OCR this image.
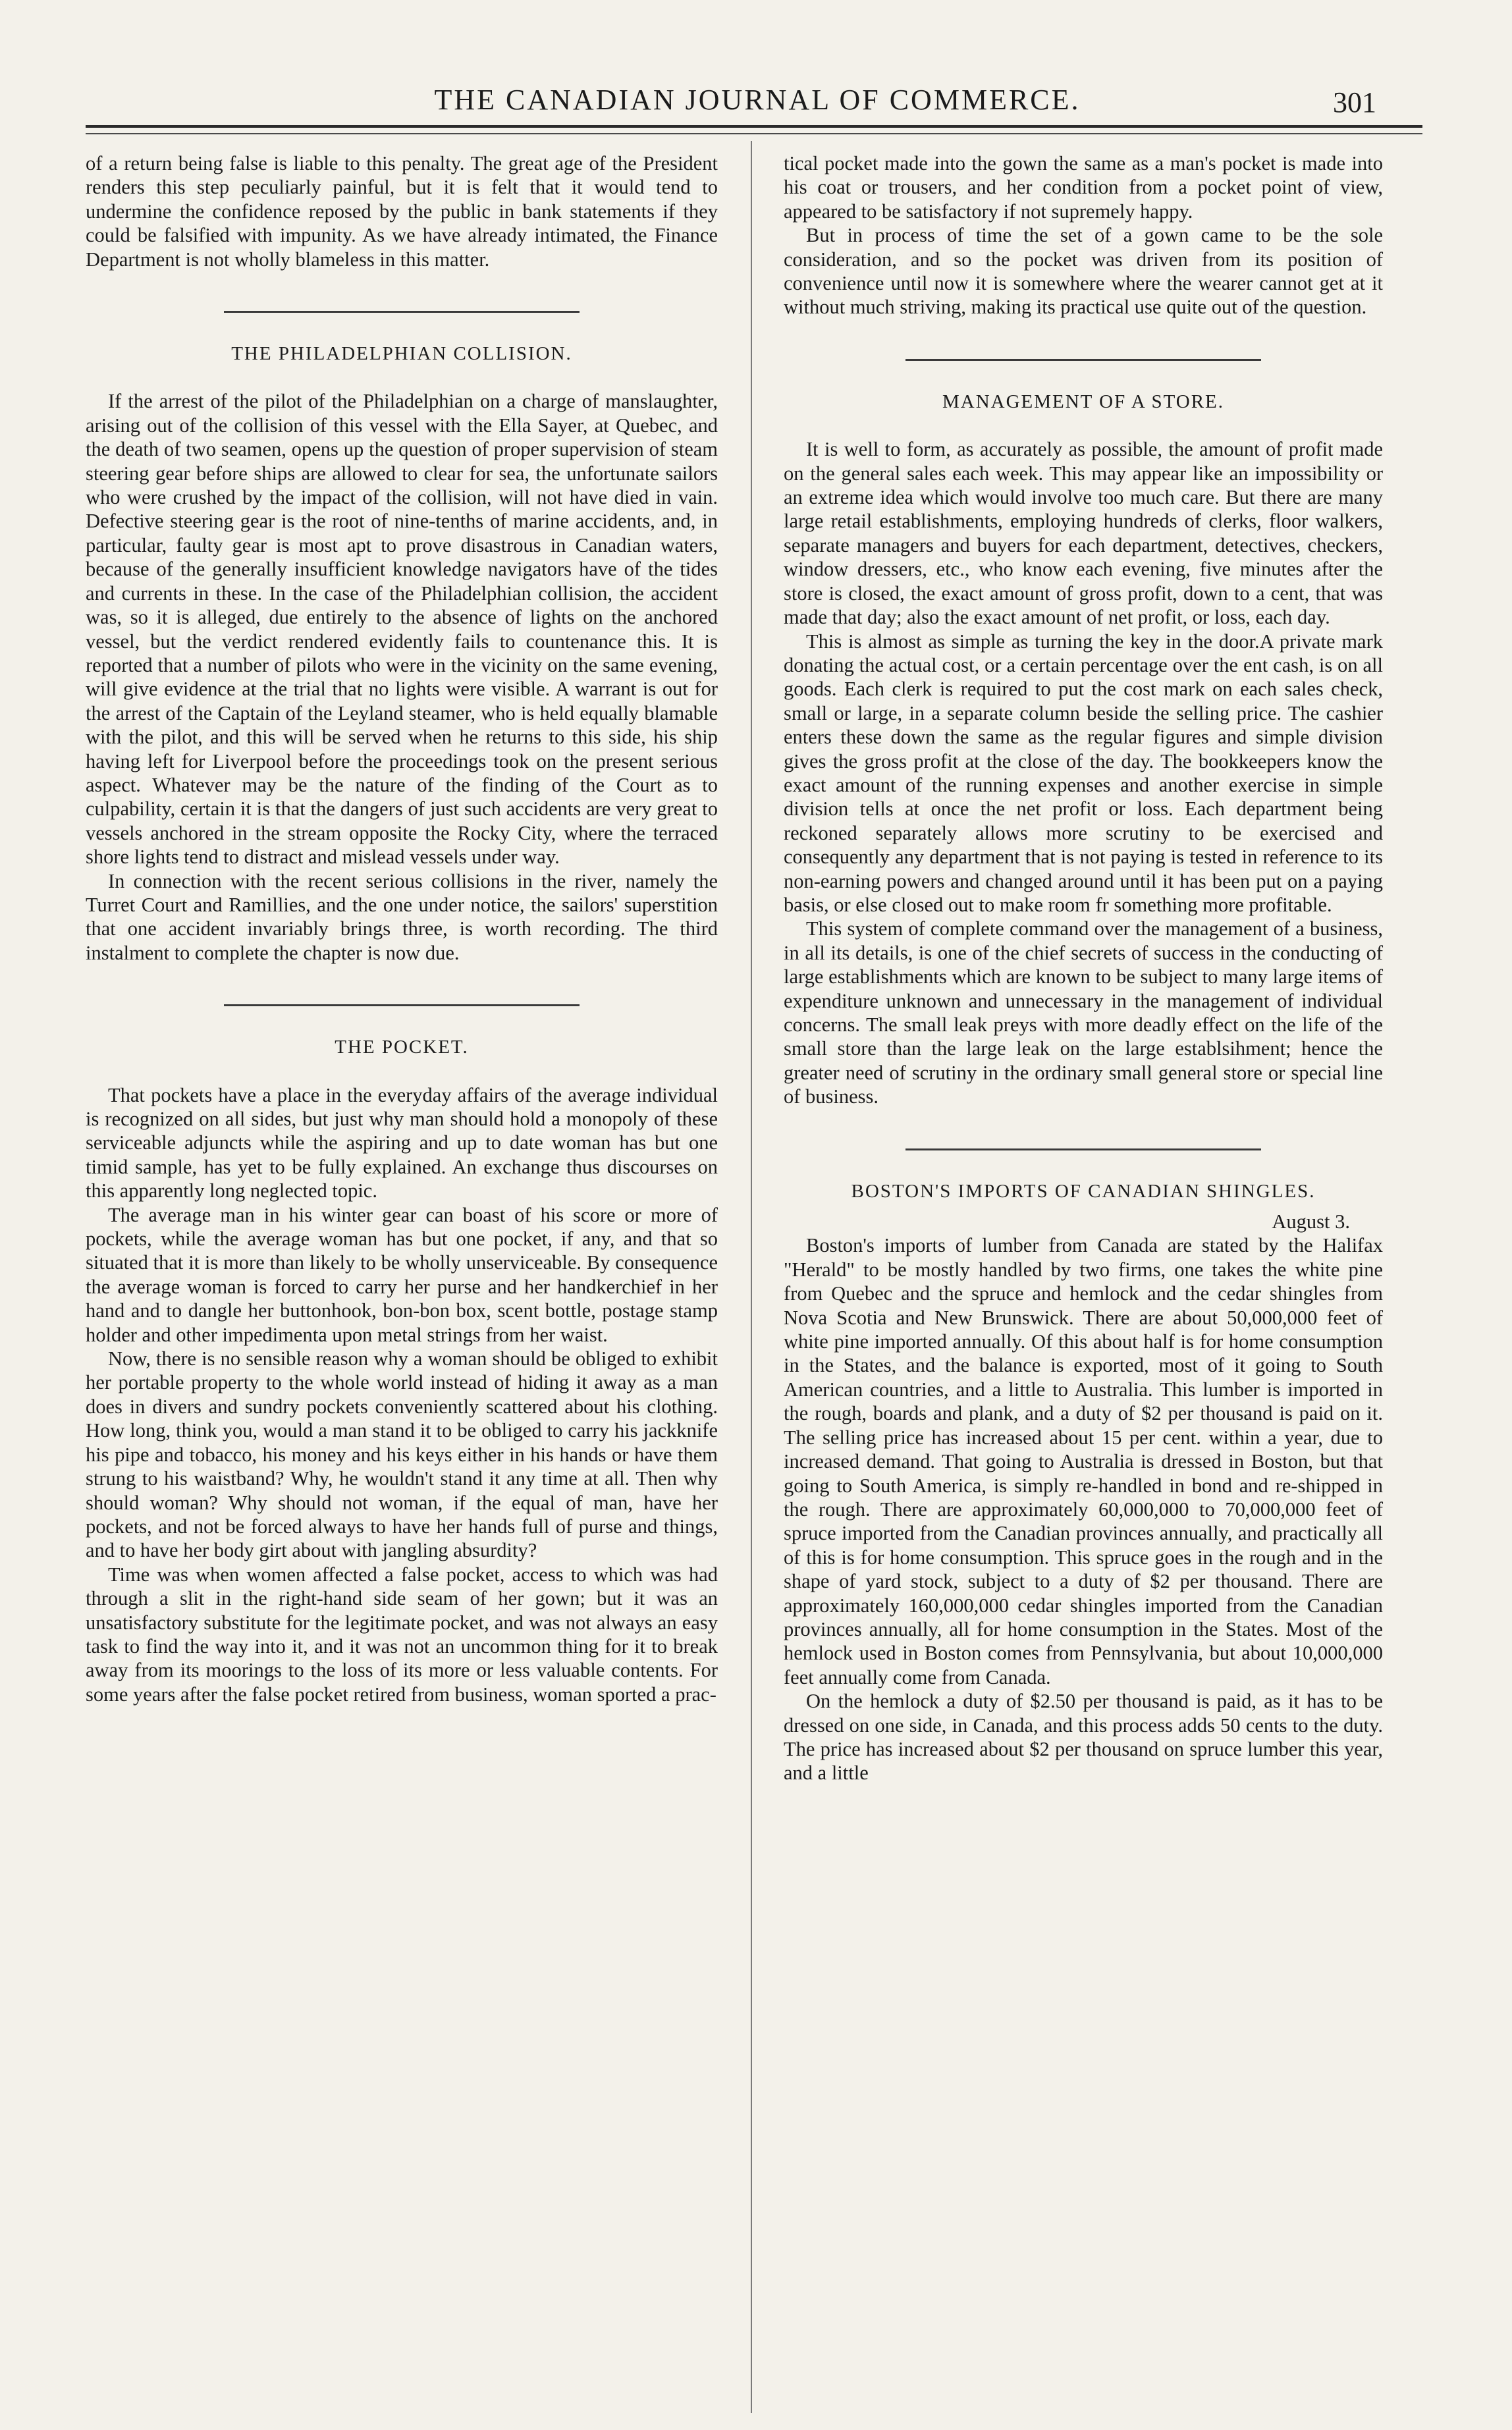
THE CANADIAN JOURNAL OF COMMERCE.	301

of a return being false is liable to this penalty. The great age of the President renders this step peculiarly painful, but it is felt that it would tend to undermine the confidence reposed by the public in bank statements if they could be falsified with impunity. As we have already intimated, the Finance Department is not wholly blameless in this matter.

THE PHILADELPHIAN COLLISION.

If the arrest of the pilot of the Philadelphian on a charge of manslaughter, arising out of the collision of this vessel with the Ella Sayer, at Quebec, and the death of two seamen, opens up the question of proper supervision of steam steering gear before ships are allowed to clear for sea, the unfortunate sailors who were crushed by the impact of the collision, will not have died in vain. Defective steering gear is the root of nine-tenths of marine accidents, and, in particular, faulty gear is most apt to prove disastrous in Canadian waters, because of the generally insufficient knowledge navigators have of the tides and currents in these. In the case of the Philadelphian collision, the accident was, so it is alleged, due entirely to the absence of lights on the anchored vessel, but the verdict rendered evidently fails to countenance this. It is reported that a number of pilots who were in the vicinity on the same evening, will give evidence at the trial that no lights were visible. A warrant is out for the arrest of the Captain of the Leyland steamer, who is held equally blamable with the pilot, and this will be served when he returns to this side, his ship having left for Liverpool before the proceedings took on the present serious aspect. Whatever may be the nature of the finding of the Court as to culpability, certain it is that the dangers of just such accidents are very great to vessels anchored in the stream opposite the Rocky City, where the terraced shore lights tend to distract and mislead vessels under way.

In connection with the recent serious collisions in the river, namely the Turret Court and Ramillies, and the one under notice, the sailors' superstition that one accident invariably brings three, is worth recording. The third instalment to complete the chapter is now due.

THE POCKET.

That pockets have a place in the everyday affairs of the average individual is recognized on all sides, but just why man should hold a monopoly of these serviceable adjuncts while the aspiring and up to date woman has but one timid sample, has yet to be fully explained. An exchange thus discourses on this apparently long neglected topic.

The average man in his winter gear can boast of his score or more of pockets, while the average woman has but one pocket, if any, and that so situated that it is more than likely to be wholly unserviceable. By consequence the average woman is forced to carry her purse and her handkerchief in her hand and to dangle her buttonhook, bon-bon box, scent bottle, postage stamp holder and other impedimenta upon metal strings from her waist.

Now, there is no sensible reason why a woman should be obliged to exhibit her portable property to the whole world instead of hiding it away as a man does in divers and sundry pockets conveniently scattered about his clothing. How long, think you, would a man stand it to be obliged to carry his jackknife his pipe and tobacco, his money and his keys either in his hands or have them strung to his waistband? Why, he wouldn't stand it any time at all. Then why should woman? Why should not woman, if the equal of man, have her pockets, and not be forced always to have her hands full of purse and things, and to have her body girt about with jangling absurdity?

Time was when women affected a false pocket, access to which was had through a slit in the right-hand side seam of her gown; but it was an unsatisfactory substitute for the legitimate pocket, and was not always an easy task to find the way into it, and it was not an uncommon thing for it to break away from its moorings to the loss of its more or less valuable contents. For some years after the false pocket retired from business, woman sported a prac-

tical pocket made into the gown the same as a man's pocket is made into his coat or trousers, and her condition from a pocket point of view, appeared to be satisfactory if not supremely happy.

But in process of time the set of a gown came to be the sole consideration, and so the pocket was driven from its position of convenience until now it is somewhere where the wearer cannot get at it without much striving, making its practical use quite out of the question.

MANAGEMENT OF A STORE.

It is well to form, as accurately as possible, the amount of profit made on the general sales each week. This may appear like an impossibility or an extreme idea which would involve too much care. But there are many large retail establishments, employing hundreds of clerks, floor walkers, separate managers and buyers for each department, detectives, checkers, window dressers, etc., who know each evening, five minutes after the store is closed, the exact amount of gross profit, down to a cent, that was made that day; also the exact amount of net profit, or loss, each day.

This is almost as simple as turning the key in the door.A private mark donating the actual cost, or a certain percentage over the ent cash, is on all goods. Each clerk is required to put the cost mark on each sales check, small or large, in a separate column beside the selling price. The cashier enters these down the same as the regular figures and simple division gives the gross profit at the close of the day. The bookkeepers know the exact amount of the running expenses and another exercise in simple division tells at once the net profit or loss. Each department being reckoned separately allows more scrutiny to be exercised and consequently any department that is not paying is tested in reference to its non-earning powers and changed around until it has been put on a paying basis, or else closed out to make room fr something more profitable.

This system of complete command over the management of a business, in all its details, is one of the chief secrets of success in the conducting of large establishments which are known to be subject to many large items of expenditure unknown and unnecessary in the management of individual concerns. The small leak preys with more deadly effect on the life of the small store than the large leak on the large establsihment; hence the greater need of scrutiny in the ordinary small general store or special line of business.

BOSTON'S IMPORTS OF CANADIAN SHINGLES.
August 3.

Boston's imports of lumber from Canada are stated by the Halifax "Herald" to be mostly handled by two firms, one takes the white pine from Quebec and the spruce and hemlock and the cedar shingles from Nova Scotia and New Brunswick. There are about 50,000,000 feet of white pine imported annually. Of this about half is for home consumption in the States, and the balance is exported, most of it going to South American countries, and a little to Australia. This lumber is imported in the rough, boards and plank, and a duty of $2 per thousand is paid on it. The selling price has increased about 15 per cent. within a year, due to increased demand. That going to Australia is dressed in Boston, but that going to South America, is simply re-handled in bond and re-shipped in the rough. There are approximately 60,000,000 to 70,000,000 feet of spruce imported from the Canadian provinces annually, and practically all of this is for home consumption. This spruce goes in the rough and in the shape of yard stock, subject to a duty of $2 per thousand. There are approximately 160,000,000 cedar shingles imported from the Canadian provinces annually, all for home consumption in the States. Most of the hemlock used in Boston comes from Pennsylvania, but about 10,000,000 feet annually come from Canada.

On the hemlock a duty of $2.50 per thousand is paid, as it has to be dressed on one side, in Canada, and this process adds 50 cents to the duty. The price has increased about $2 per thousand on spruce lumber this year, and a little
